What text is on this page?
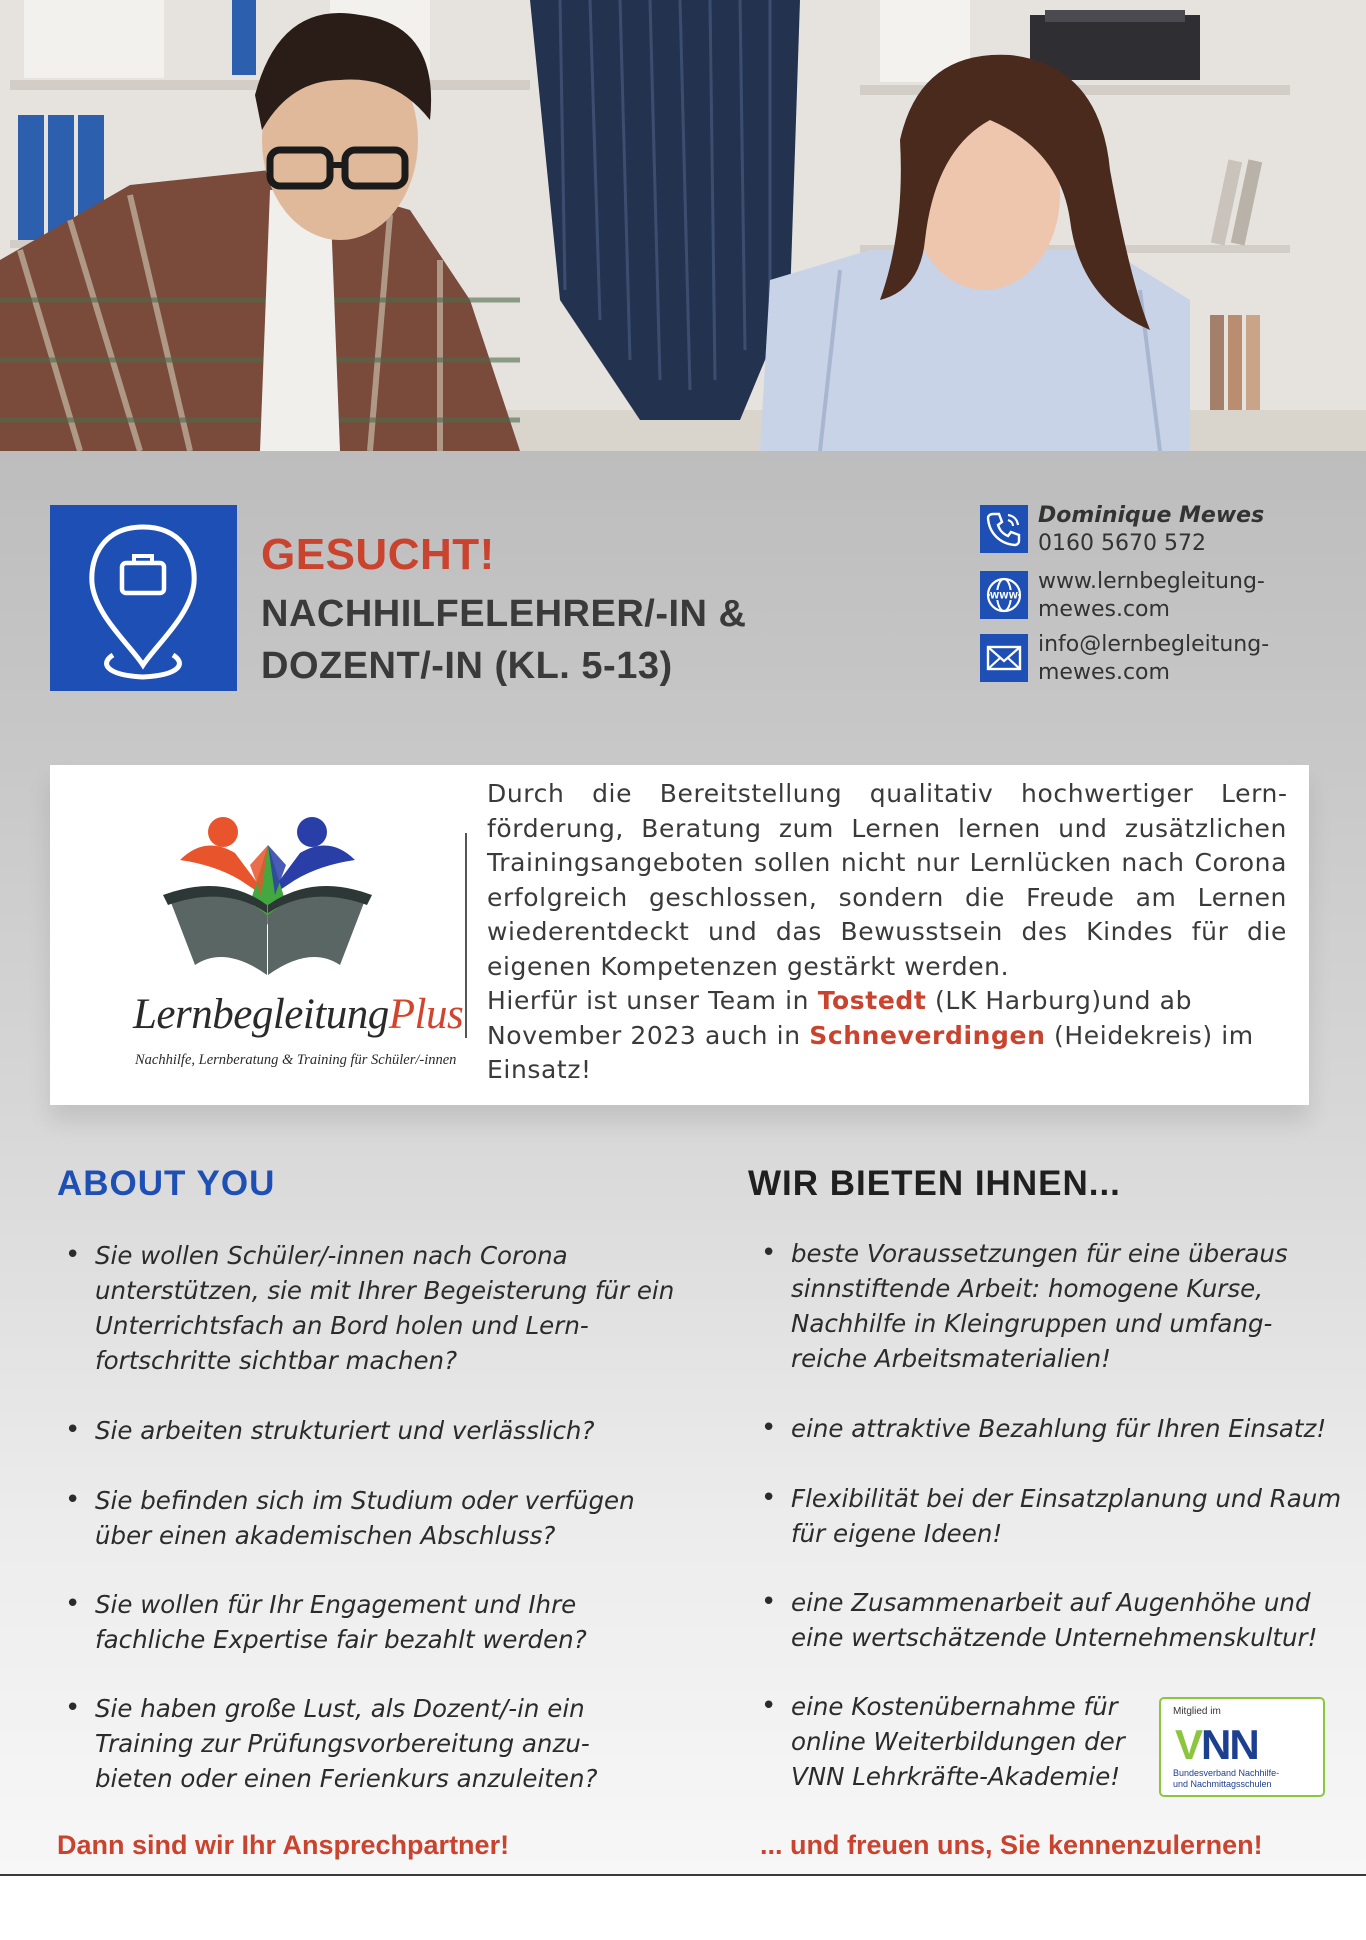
GESUCHT!
NACHHILFELEHRER/-IN &
DOZENT/-IN (KL. 5-13)
Dominique Mewes
0160 5670 572
WWW
www.lernbegleitung-
mewes.com
info@lernbegleitung-
mewes.com
LernbegleitungPlus
Nachhilfe, Lernberatung & Training für Schüler/-innen

Durch die Bereitstellung qualitativ hochwertiger Lernförderung, Beratung zum Lernen lernen und zusätzlichen Trainingsangeboten sollen nicht nur Lernlücken nach Corona erfolgreich geschlossen, sondern die Freude am Lernen wiederentdeckt und das Bewusstsein des Kindes für die eigenen Kompetenzen gestärkt werden.

Hierfür ist unser Team in Tostedt (LK Harburg)und ab November 2023 auch in Schneverdingen (Heidekreis) im Einsatz!

ABOUT YOU	WIR BIETEN IHNEN...
• Sie wollen Schüler/-innen nach Corona unterstützen, sie mit Ihrer Begeisterung für ein Unterrichtsfach an Bord holen und Lernfortschritte sichtbar machen?
• Sie arbeiten strukturiert und verlässlich?
• Sie befinden sich im Studium oder verfügen über einen akademischen Abschluss?
• Sie wollen für Ihr Engagement und Ihre fachliche Expertise fair bezahlt werden?
• Sie haben große Lust, als Dozent/-in ein Training zur Prüfungsvorbereitung anzubieten oder einen Ferienkurs anzuleiten?
• beste Voraussetzungen für eine überaus sinnstiftende Arbeit: homogene Kurse, Nachhilfe in Kleingruppen und umfangreiche Arbeitsmaterialien!
• eine attraktive Bezahlung für Ihren Einsatz!
• Flexibilität bei der Einsatzplanung und Raum für eigene Ideen!
• eine Zusammenarbeit auf Augenhöhe und eine wertschätzende Unternehmenskultur!
• eine Kostenübernahme für online Weiterbildungen der VNN Lehrkräfte-Akademie!
Mitglied im
VNN
Bundesverband Nachhilfe-
und Nachmittagsschulen
Dann sind wir Ihr Ansprechpartner!	... und freuen uns, Sie kennenzulernen!
